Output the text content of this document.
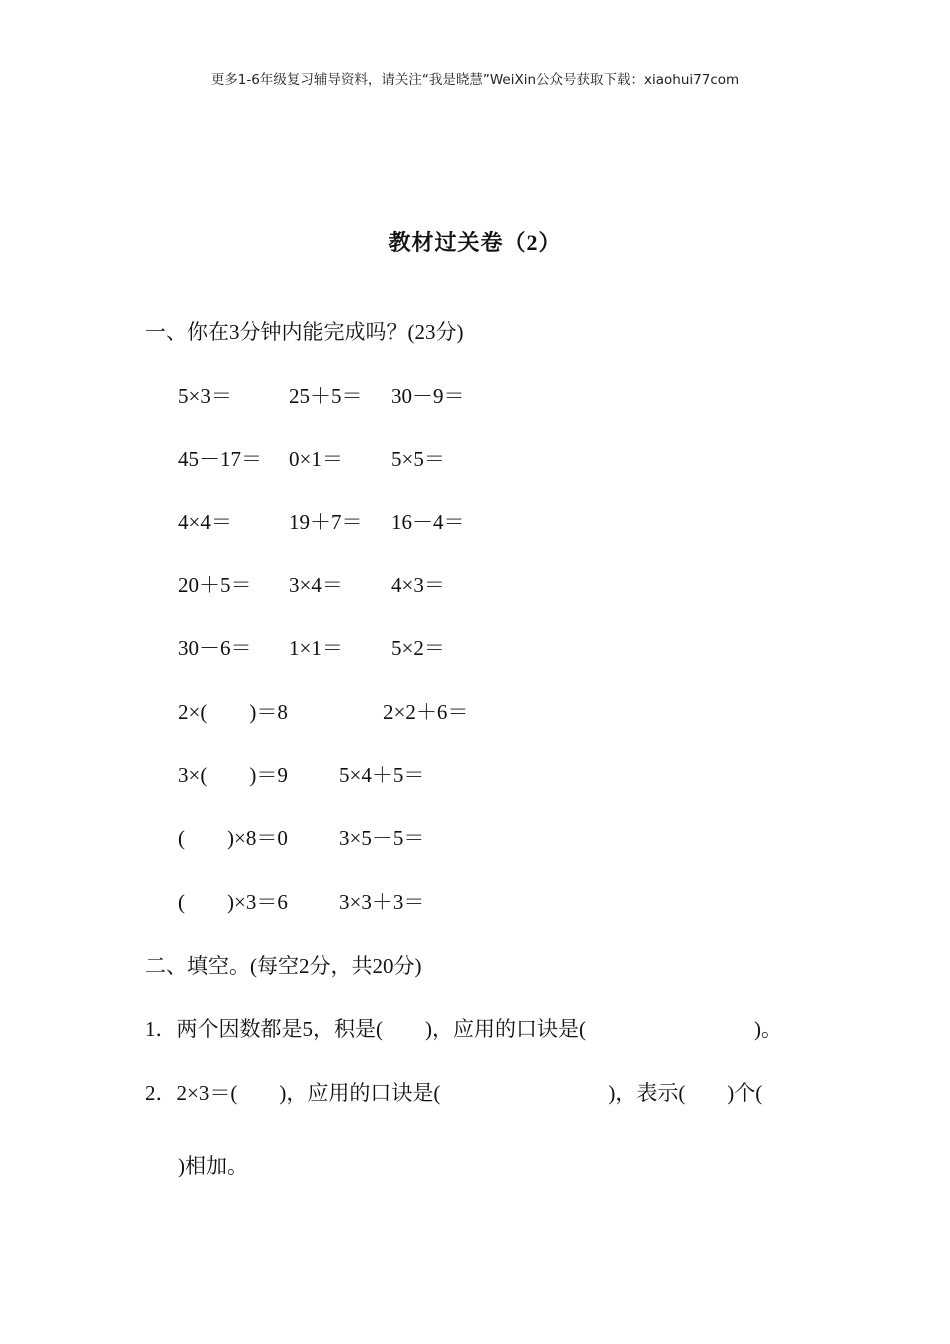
更多1-6年级复习辅导资料，请关注“我是晓慧”WeiXin公众号获取下载：xiaohui77com
教材过关卷（2）
一、你在3分钟内能完成吗？(23分)
5×3＝	25＋5＝ 30－9＝
45－17＝ 0×1＝ 5×5＝
4×4＝	19＋7＝ 16－4＝
20＋5＝ 3×4＝ 4×3＝
30－6＝ 1×1＝ 5×2＝
2×(　　)＝8	2×2＋6＝
3×(　　)＝9 5×4＋5＝
(　　)×8＝0 3×5－5＝
(　　)×3＝6 3×3＋3＝
二、填空。(每空2分，共20分)
1．两个因数都是5，积是(　　)，应用的口诀是(　　　　　　　　)。
2．2×3＝(　　)，应用的口诀是(　　　　　　　　)，表示(　　)个(
)相加。
